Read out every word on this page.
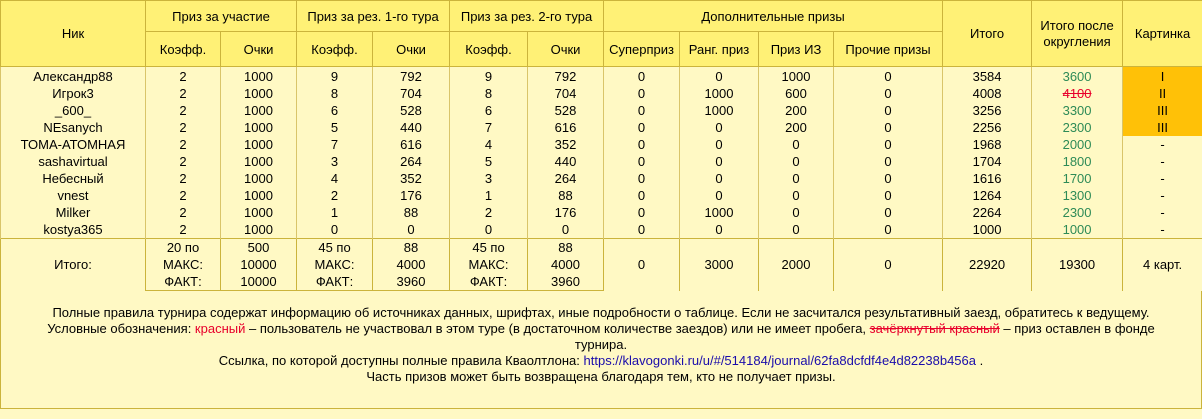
Ник	Приз за участие		Приз за рез. 1-го тура		Приз за рез. 2-го тура		Дополнительные призы				Итого	Итого после округления	Картинка
	Коэфф.	Очки	Коэфф.	Очки	Коэфф.	Очки	Суперприз	Ранг. приз	Приз ИЗ	Прочие призы			
Александр88	2	1000	9	792	9	792	0	0	1000	0	3584	3600	I
Игрок3	2	1000	8	704	8	704	0	1000	600	0	4008	4100	II
_600_	2	1000	6	528	6	528	0	1000	200	0	3256	3300	III
NEsanych	2	1000	5	440	7	616	0	0	200	0	2256	2300	III
ТОМА-АТОМНАЯ	2	1000	7	616	4	352	0	0	0	0	1968	2000	-
sashavirtual	2	1000	3	264	5	440	0	0	0	0	1704	1800	-
Небесный	2	1000	4	352	3	264	0	0	0	0	1616	1700	-
vnest	2	1000	2	176	1	88	0	0	0	0	1264	1300	-
Milker	2	1000	1	88	2	176	0	1000	0	0	2264	2300	-
kostya365	2	1000	0	0	0	0	0	0	0	0	1000	1000	-
Итого:	20 по	500	45 по	88	45 по	88	0	3000	2000	0	22920	19300	4 карт.
	МАКС:	10000	МАКС:	4000	МАКС:	4000							
	ФАКТ:	10000	ФАКТ:	3960	ФАКТ:	3960							
Полные правила турнира содержат информацию об источниках данных, шрифтах, иные подробности о таблице. Если не засчитался результативный заезд, обратитесь к ведущему.
Условные обозначения: красный – пользователь не участвовал в этом туре (в достаточном количестве заездов) или не имеет пробега, зачёркнутый красный – приз оставлен в фонде турнира.
Ссылка, по которой доступны полные правила Кваолтлона: https://klavogonki.ru/u/#/514184/journal/62fa8dcfdf4e4d82238b456a .
Часть призов может быть возвращена благодаря тем, кто не получает призы.
